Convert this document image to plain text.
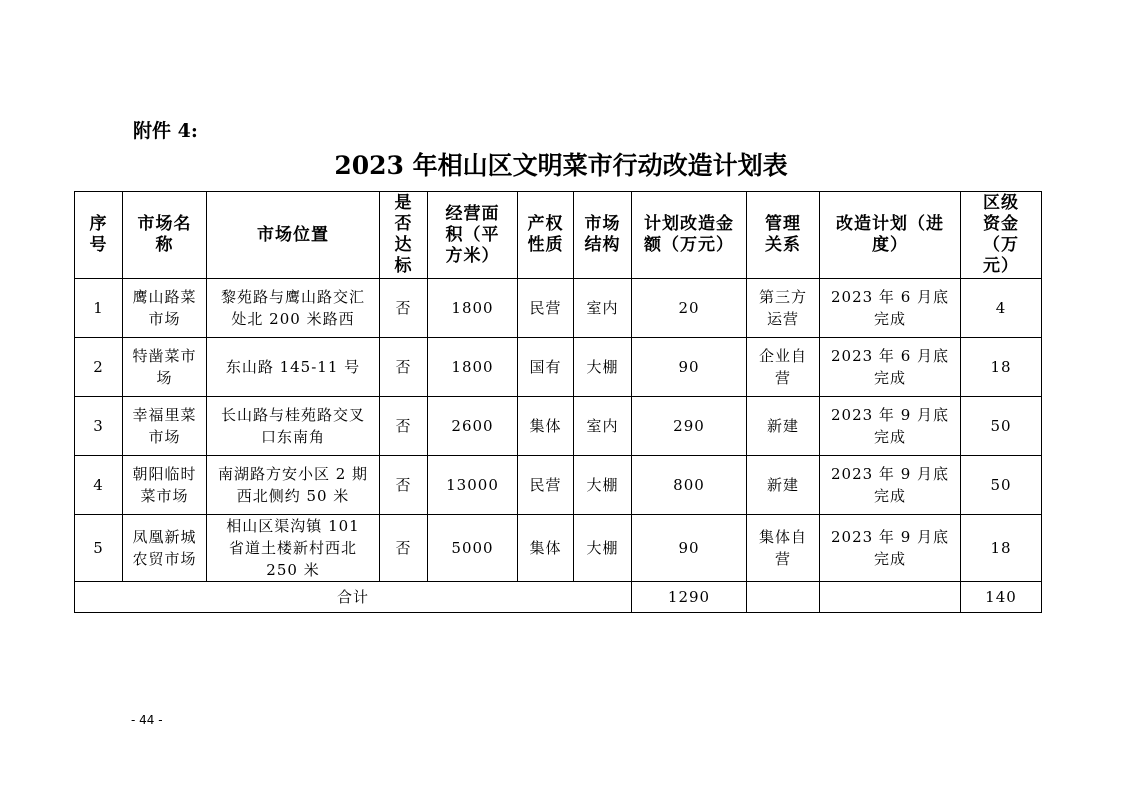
附件 4:
2023 年相山区文明菜市行动改造计划表
序号	市场名称	市场位置	是否达标	经营面积（平方米）	产权性质	市场结构	计划改造金额（万元）	管理关系	改造计划（进度）	区级资金（万元）
1	鹰山路菜市场	黎苑路与鹰山路交汇处北 200 米路西	否	1800	民营	室内	20	第三方运营	2023 年 6 月底完成	4
2	特凿菜市场	东山路 145-11 号	否	1800	国有	大棚	90	企业自营	2023 年 6 月底完成	18
3	幸福里菜市场	长山路与桂苑路交叉口东南角	否	2600	集体	室内	290	新建	2023 年 9 月底完成	50
4	朝阳临时菜市场	南湖路方安小区 2 期西北侧约 50 米	否	13000	民营	大棚	800	新建	2023 年 9 月底完成	50
5	凤凰新城农贸市场	相山区渠沟镇 101 省道土楼新村西北 250 米	否	5000	集体	大棚	90	集体自营	2023 年 9 月底完成	18
合计							1290			140
- 44 -
